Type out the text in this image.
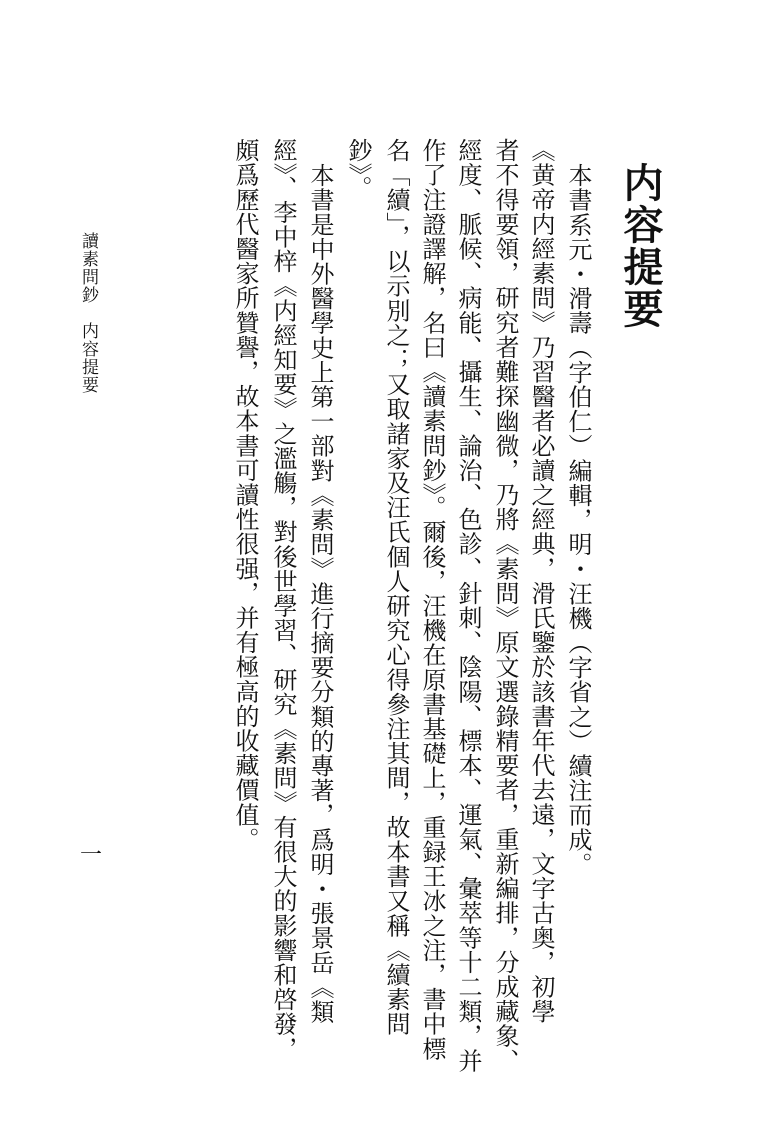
内容提要
本書系元・滑壽（字伯仁）編輯，明・汪機（字省之）續注而成。
《黄帝内經素問》乃習醫者必讀之經典，滑氏鑒於該書年代去遠，文字古奥，初學
者不得要領，研究者難探幽微，乃將《素問》原文選錄精要者，重新編排，分成藏象、
經度、脈候、病能、攝生、論治、色診、針刺、陰陽、標本、運氣、彙萃等十二類，并
作了注證譯解，名曰《讀素問鈔》。爾後，汪機在原書基礎上，重録王冰之注，書中標
名「續」，以示別之；又取諸家及汪氏個人研究心得參注其間，故本書又稱《續素問
鈔》。
本書是中外醫學史上第一部對《素問》進行摘要分類的專著，爲明・張景岳《類
經》、李中梓《内經知要》之濫觴，對後世學習、研究《素問》有很大的影響和啓發，
頗爲歷代醫家所贊譽，故本書可讀性很强，并有極高的收藏價值。
讀素問鈔　内容提要
一
